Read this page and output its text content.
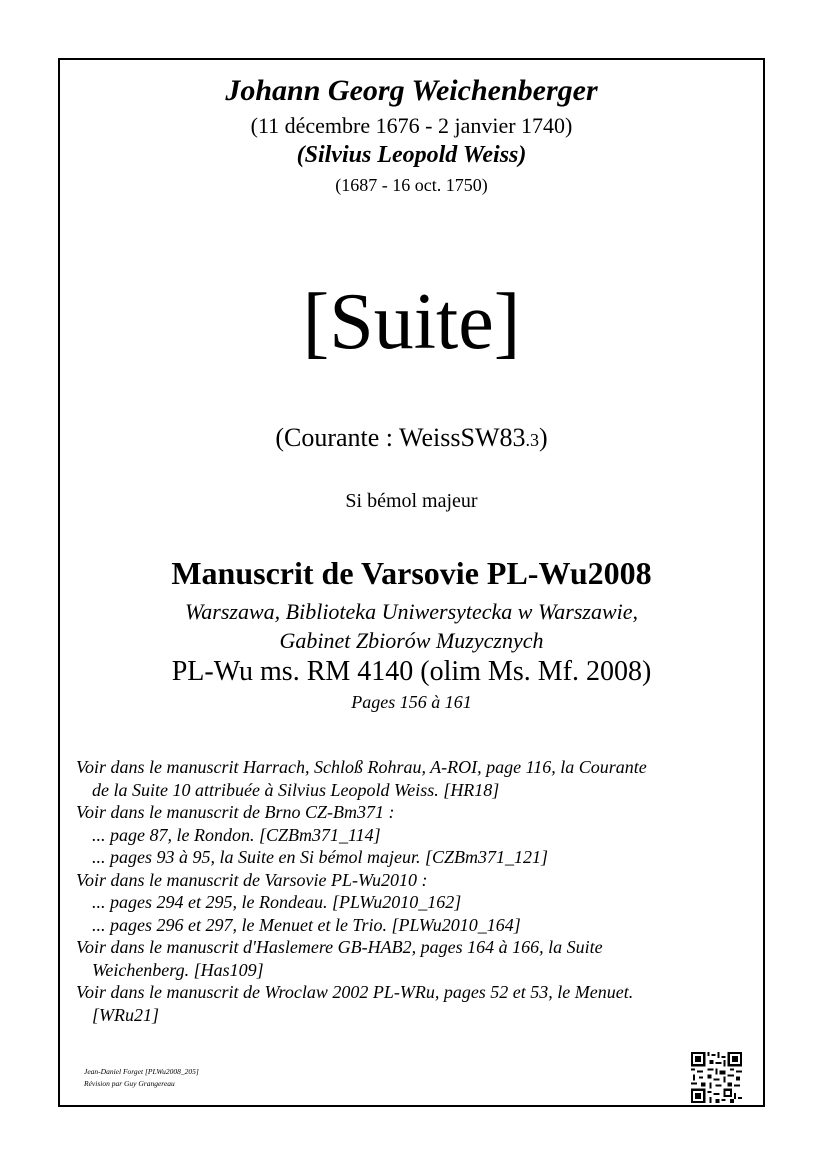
Johann Georg Weichenberger
(11 décembre 1676 - 2 janvier 1740)
(Silvius Leopold Weiss)
(1687 - 16 oct. 1750)
[Suite]
(Courante : WeissSW83.3)
Si bémol majeur
Manuscrit de Varsovie PL-Wu2008
Warszawa, Biblioteka Uniwersytecka w Warszawie,
Gabinet Zbiorów Muzycznych
PL-Wu ms. RM 4140 (olim Ms. Mf. 2008)
Pages 156 à 161
Voir dans le manuscrit Harrach, Schloß Rohrau, A-ROI, page 116, la Courante
de la Suite 10 attribuée à Silvius Leopold Weiss. [HR18]
Voir dans le manuscrit de Brno CZ-Bm371 :
... page 87, le Rondon. [CZBm371_114]
... pages 93 à 95, la Suite en Si bémol majeur. [CZBm371_121]
Voir dans le manuscrit de Varsovie PL-Wu2010 :
... pages 294 et 295, le Rondeau. [PLWu2010_162]
... pages 296 et 297, le Menuet et le Trio. [PLWu2010_164]
Voir dans le manuscrit d'Haslemere GB-HAB2, pages 164 à 166, la Suite
Weichenberg. [Has109]
Voir dans le manuscrit de Wroclaw 2002 PL-WRu, pages 52 et 53, le Menuet.
[WRu21]
Jean-Daniel Forget [PLWu2008_205]
Révision par Guy Grangereau
